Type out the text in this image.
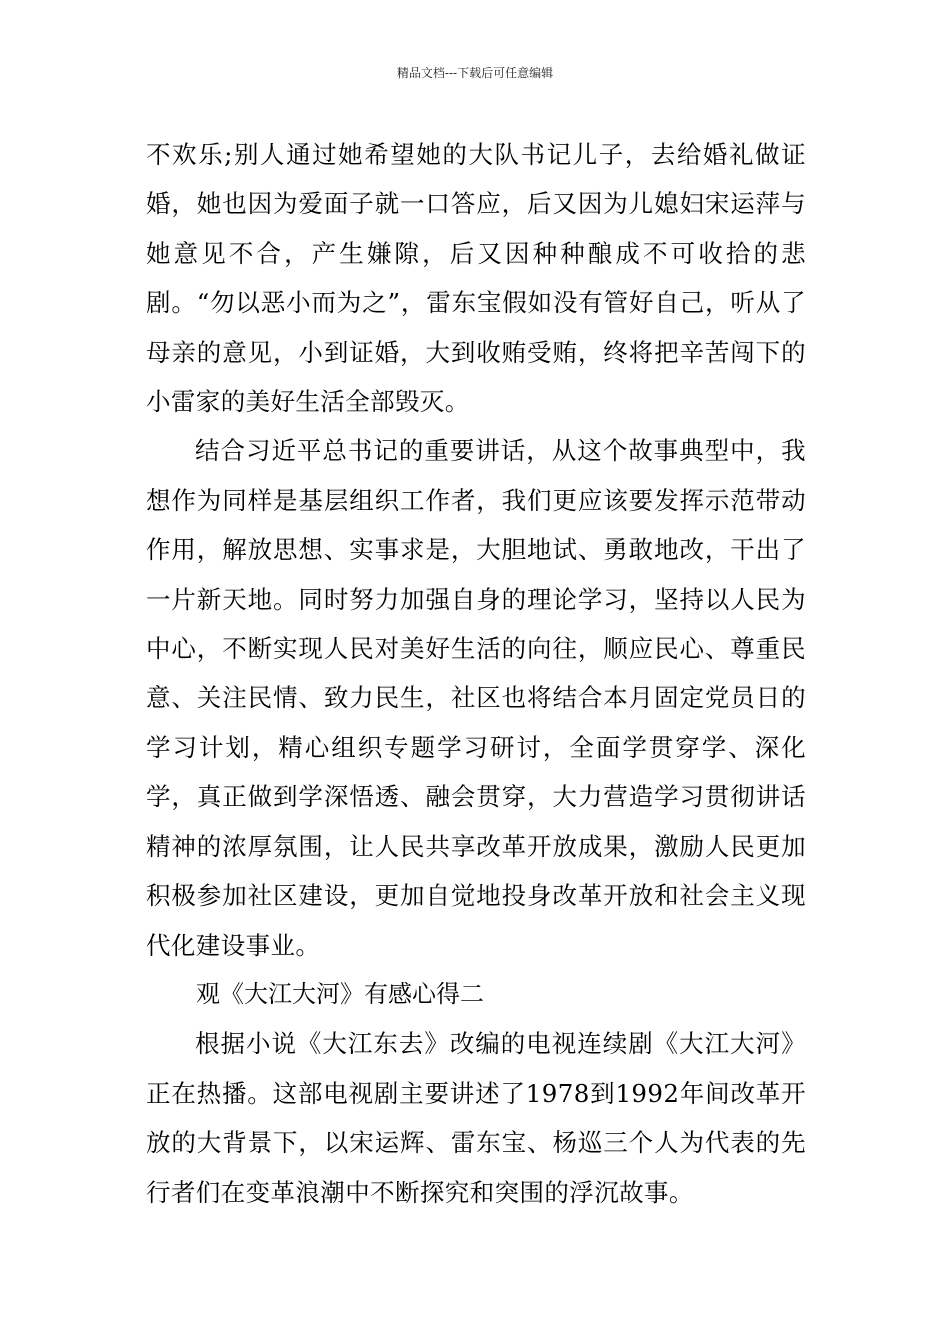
精品文档---下载后可任意编辑

不欢乐;别人通过她希望她的大队书记儿子，去给婚礼做证婚，她也因为爱面子就一口答应，后又因为儿媳妇宋运萍与她意见不合，产生嫌隙，后又因种种酿成不可收拾的悲剧。“勿以恶小而为之”，雷东宝假如没有管好自己，听从了母亲的意见，小到证婚，大到收贿受贿，终将把辛苦闯下的小雷家的美好生活全部毁灭。

结合习近平总书记的重要讲话，从这个故事典型中，我想作为同样是基层组织工作者，我们更应该要发挥示范带动作用，解放思想、实事求是，大胆地试、勇敢地改，干出了一片新天地。同时努力加强自身的理论学习，坚持以人民为中心，不断实现人民对美好生活的向往，顺应民心、尊重民意、关注民情、致力民生，社区也将结合本月固定党员日的学习计划，精心组织专题学习研讨，全面学贯穿学、深化学，真正做到学深悟透、融会贯穿，大力营造学习贯彻讲话精神的浓厚氛围，让人民共享改革开放成果，激励人民更加积极参加社区建设，更加自觉地投身改革开放和社会主义现代化建设事业。

观《大江大河》有感心得二

根据小说《大江东去》改编的电视连续剧《大江大河》正在热播。这部电视剧主要讲述了1978到1992年间改革开放的大背景下，以宋运辉、雷东宝、杨巡三个人为代表的先行者们在变革浪潮中不断探究和突围的浮沉故事。
